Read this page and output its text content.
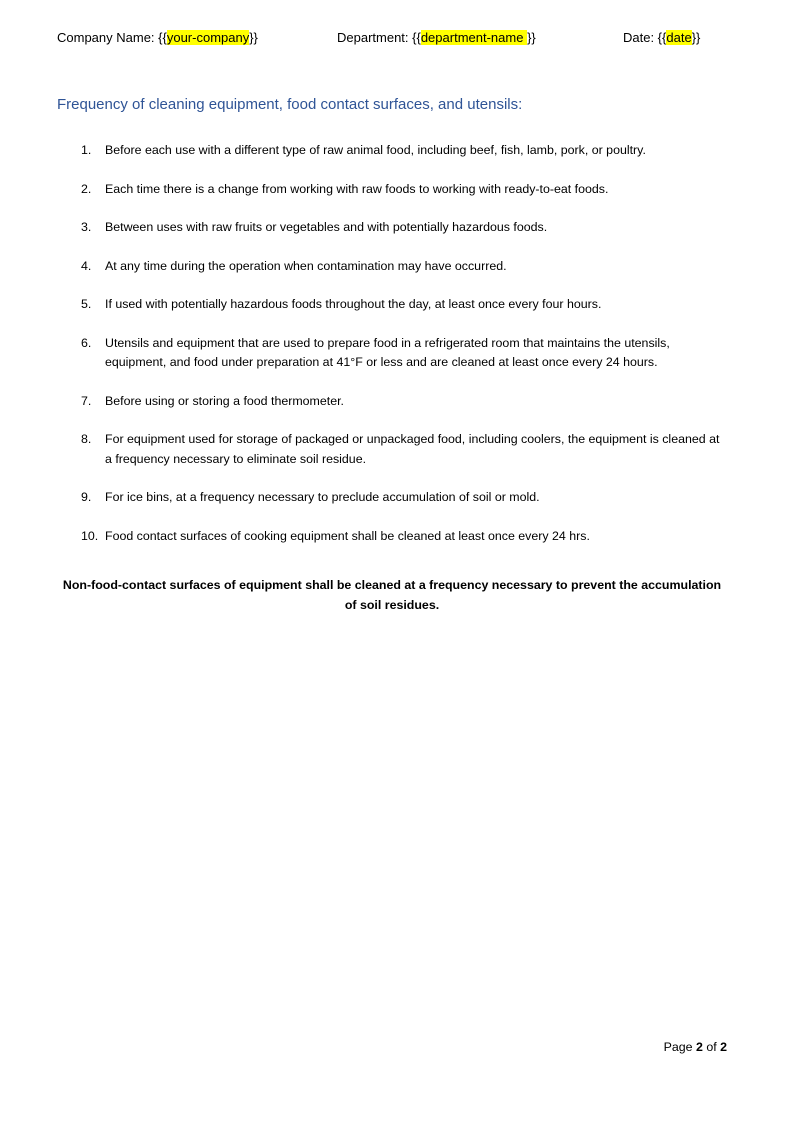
Company Name: {{your-company}}	Department: {{department-name }}	Date: {{date}}
Frequency of cleaning equipment, food contact surfaces, and utensils:
1. Before each use with a different type of raw animal food, including beef, fish, lamb, pork, or poultry.
2. Each time there is a change from working with raw foods to working with ready-to-eat foods.
3. Between uses with raw fruits or vegetables and with potentially hazardous foods.
4. At any time during the operation when contamination may have occurred.
5. If used with potentially hazardous foods throughout the day, at least once every four hours.
6. Utensils and equipment that are used to prepare food in a refrigerated room that maintains the utensils, equipment, and food under preparation at 41°F or less and are cleaned at least once every 24 hours.
7. Before using or storing a food thermometer.
8. For equipment used for storage of packaged or unpackaged food, including coolers, the equipment is cleaned at a frequency necessary to eliminate soil residue.
9. For ice bins, at a frequency necessary to preclude accumulation of soil or mold.
10. Food contact surfaces of cooking equipment shall be cleaned at least once every 24 hrs.
Non-food-contact surfaces of equipment shall be cleaned at a frequency necessary to prevent the accumulation of soil residues.
Page 2 of 2
